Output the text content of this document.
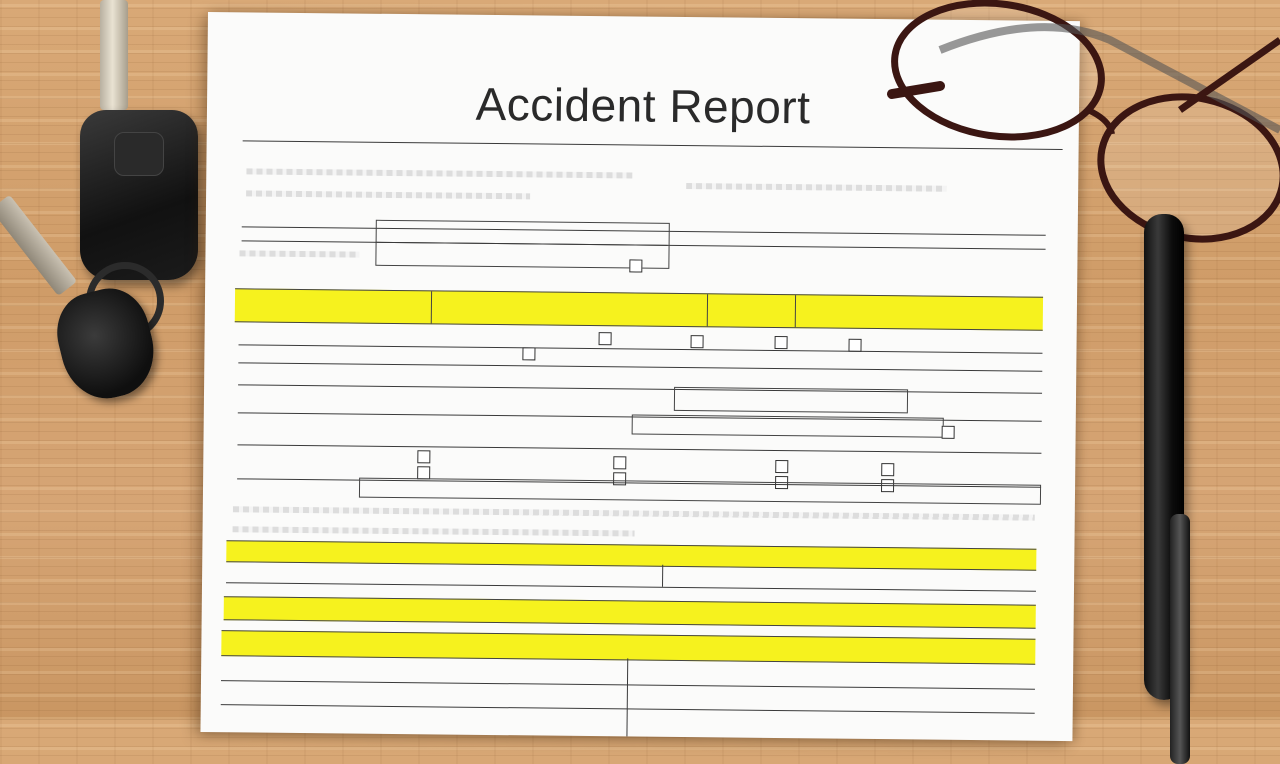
Accident Report
